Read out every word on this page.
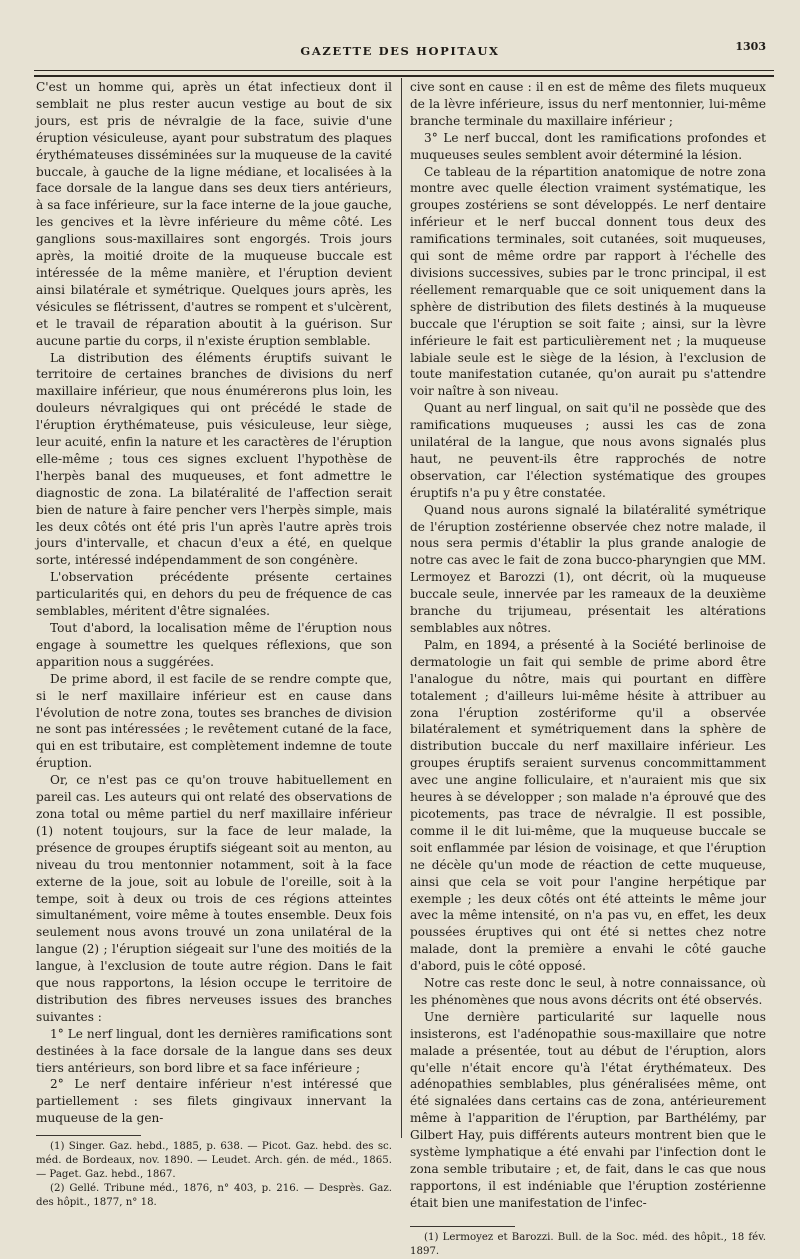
GAZETTE DES HOPITAUX	1303

C'est un homme qui, après un état infectieux dont il semblait ne plus rester aucun vestige au bout de six jours, est pris de névralgie de la face, suivie d'une éruption vésiculeuse, ayant pour substratum des plaques érythémateuses disséminées sur la muqueuse de la cavité buccale, à gauche de la ligne médiane, et localisées à la face dorsale de la langue dans ses deux tiers antérieurs, à sa face inférieure, sur la face interne de la joue gauche, les gencives et la lèvre inférieure du même côté. Les ganglions sous-maxillaires sont engorgés. Trois jours après, la moitié droite de la muqueuse buccale est intéressée de la même manière, et l'éruption devient ainsi bilatérale et symétrique. Quelques jours après, les vésicules se flétrissent, d'autres se rompent et s'ulcèrent, et le travail de réparation aboutit à la guérison. Sur aucune partie du corps, il n'existe éruption semblable.

La distribution des éléments éruptifs suivant le territoire de certaines branches de divisions du nerf maxillaire inférieur, que nous énumérerons plus loin, les douleurs névralgiques qui ont précédé le stade de l'éruption érythémateuse, puis vésiculeuse, leur siège, leur acuité, enfin la nature et les caractères de l'éruption elle-même ; tous ces signes excluent l'hypothèse de l'herpès banal des muqueuses, et font admettre le diagnostic de zona. La bilatéralité de l'affection serait bien de nature à faire pencher vers l'herpès simple, mais les deux côtés ont été pris l'un après l'autre après trois jours d'intervalle, et chacun d'eux a été, en quelque sorte, intéressé indépendamment de son congénère.

L'observation précédente présente certaines particularités qui, en dehors du peu de fréquence de cas semblables, méritent d'être signalées.

Tout d'abord, la localisation même de l'éruption nous engage à soumettre les quelques réflexions, que son apparition nous a suggérées.

De prime abord, il est facile de se rendre compte que, si le nerf maxillaire inférieur est en cause dans l'évolution de notre zona, toutes ses branches de division ne sont pas intéressées ; le revêtement cutané de la face, qui en est tributaire, est complètement indemne de toute éruption.

Or, ce n'est pas ce qu'on trouve habituellement en pareil cas. Les auteurs qui ont relaté des observations de zona total ou même partiel du nerf maxillaire inférieur (1) notent toujours, sur la face de leur malade, la présence de groupes éruptifs siégeant soit au menton, au niveau du trou mentonnier notamment, soit à la face externe de la joue, soit au lobule de l'oreille, soit à la tempe, soit à deux ou trois de ces régions atteintes simultanément, voire même à toutes ensemble. Deux fois seulement nous avons trouvé un zona unilatéral de la langue (2) ; l'éruption siégeait sur l'une des moitiés de la langue, à l'exclusion de toute autre région. Dans le fait que nous rapportons, la lésion occupe le territoire de distribution des fibres nerveuses issues des branches suivantes :

1° Le nerf lingual, dont les dernières ramifications sont destinées à la face dorsale de la langue dans ses deux tiers antérieurs, son bord libre et sa face inférieure ;

2° Le nerf dentaire inférieur n'est intéressé que partiellement : ses filets gingivaux innervant la muqueuse de la gen-

(1) Singer. Gaz. hebd., 1885, p. 638. — Picot. Gaz. hebd. des sc. méd. de Bordeaux, nov. 1890. — Leudet. Arch. gén. de méd., 1865. — Paget. Gaz. hebd., 1867.

(2) Gellé. Tribune méd., 1876, n° 403, p. 216. — Desprès. Gaz. des hôpit., 1877, n° 18.

cive sont en cause : il en est de même des filets muqueux de la lèvre inférieure, issus du nerf mentonnier, lui-même branche terminale du maxillaire inférieur ;

3° Le nerf buccal, dont les ramifications profondes et muqueuses seules semblent avoir déterminé la lésion.

Ce tableau de la répartition anatomique de notre zona montre avec quelle élection vraiment systématique, les groupes zostériens se sont développés. Le nerf dentaire inférieur et le nerf buccal donnent tous deux des ramifications terminales, soit cutanées, soit muqueuses, qui sont de même ordre par rapport à l'échelle des divisions successives, subies par le tronc principal, il est réellement remarquable que ce soit uniquement dans la sphère de distribution des filets destinés à la muqueuse buccale que l'éruption se soit faite ; ainsi, sur la lèvre inférieure le fait est particulièrement net ; la muqueuse labiale seule est le siège de la lésion, à l'exclusion de toute manifestation cutanée, qu'on aurait pu s'attendre voir naître à son niveau.

Quant au nerf lingual, on sait qu'il ne possède que des ramifications muqueuses ; aussi les cas de zona unilatéral de la langue, que nous avons signalés plus haut, ne peuvent-ils être rapprochés de notre observation, car l'élection systématique des groupes éruptifs n'a pu y être constatée.

Quand nous aurons signalé la bilatéralité symétrique de l'éruption zostérienne observée chez notre malade, il nous sera permis d'établir la plus grande analogie de notre cas avec le fait de zona bucco-pharyngien que MM. Lermoyez et Barozzi (1), ont décrit, où la muqueuse buccale seule, innervée par les rameaux de la deuxième branche du trijumeau, présentait les altérations semblables aux nôtres.

Palm, en 1894, a présenté à la Société berlinoise de dermatologie un fait qui semble de prime abord être l'analogue du nôtre, mais qui pourtant en diffère totalement ; d'ailleurs lui-même hésite à attribuer au zona l'éruption zostériforme qu'il a observée bilatéralement et symétriquement dans la sphère de distribution buccale du nerf maxillaire inférieur. Les groupes éruptifs seraient survenus concommittamment avec une angine folliculaire, et n'auraient mis que six heures à se développer ; son malade n'a éprouvé que des picotements, pas trace de névralgie. Il est possible, comme il le dit lui-même, que la muqueuse buccale se soit enflammée par lésion de voisinage, et que l'éruption ne décèle qu'un mode de réaction de cette muqueuse, ainsi que cela se voit pour l'angine herpétique par exemple ; les deux côtés ont été atteints le même jour avec la même intensité, on n'a pas vu, en effet, les deux poussées éruptives qui ont été si nettes chez notre malade, dont la première a envahi le côté gauche d'abord, puis le côté opposé.

Notre cas reste donc le seul, à notre connaissance, où les phénomènes que nous avons décrits ont été observés.

Une dernière particularité sur laquelle nous insisterons, est l'adénopathie sous-maxillaire que notre malade a présentée, tout au début de l'éruption, alors qu'elle n'était encore qu'à l'état érythémateux. Des adénopathies semblables, plus généralisées même, ont été signalées dans certains cas de zona, antérieurement même à l'apparition de l'éruption, par Barthélémy, par Gilbert Hay, puis différents auteurs montrent bien que le système lymphatique a été envahi par l'infection dont le zona semble tributaire ; et, de fait, dans le cas que nous rapportons, il est indéniable que l'éruption zostérienne était bien une manifestation de l'infec-

(1) Lermoyez et Barozzi. Bull. de la Soc. méd. des hôpit., 18 fév. 1897.
